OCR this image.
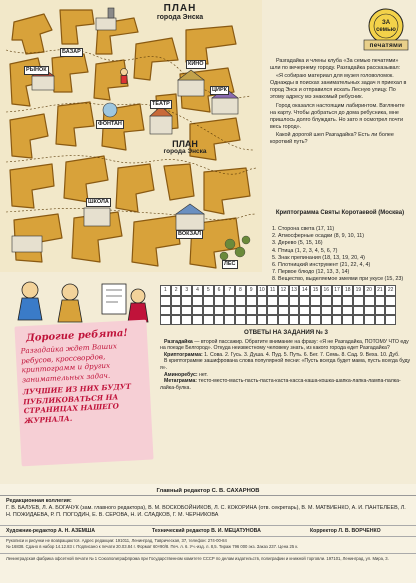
ПЛАН
города Энска
ПЛАН
города Энска
БАЗАР
РЫНОК
КИНО
ЦИРК
ФОНТАН
ТЕАТР
ШКОЛА
ВОКЗАЛ
ЛЕС
ЗА
семью
печатями

Разгадайка и члены клуба «За семью печатями» шли по вечернему городу. Разгадайка рассказывал:

«Я собираю материал для музея головоломок. Однажды в поисках занимательных задач я приехал в город Энск и отправился искать Лесную улицу. По этому адресу мэ знакомый ребусник.

Город оказался настоящим лабиринтом. Взгляните на карту. Чтобы добраться до дома ребусника, мне пришлось долго блуждать. Но зато я осмотрел почти весь город».

Какой дорогой шел Разгадайка? Есть ли более короткий путь?

Криптограмма Святы Коротаевой (Москва)
1. Сторона света (17, 11)
2. Атмосферные осадки (8, 9, 10, 11)
3. Дерево (5, 15, 16)
4. Птица (1, 2, 3, 4, 5, 6, 7)
5. Знак препинания (18, 13, 19, 20, 4)
6. Плотницкий инструмент (21, 22, 4, 4)
7. Первое блюдо (12, 13, 3, 14)
8. Вещество, выделяемое змеями при укусе (15, 23)
1	2	3	4	5	6	7	8	9	10	11	12	13	14	15	16	17	18	19	20	21	22
Дорогие ребята!
Разгадайка ждет Ваших ребусов, кроссвордов, криптограмм и других занимательных задач.
ЛУЧШИЕ ИЗ НИХ БУДУТ ПУБЛИКОВАТЬСЯ НА СТРАНИЦАХ НАШЕГО ЖУРНАЛА.
ОТВЕТЫ НА ЗАДАНИЯ № 3
Разгадайка — второй пассажир. Обратите внимание на фразу: «Я не Разгадайка, ПОТОМУ ЧТО еду на поезде Белгород». Откуда неизвестному человеку знать, из какого города едет Разгадайка?
Криптограмма: 1. Сова. 2. Гусь. 3. Душа. 4. Пуд. 5. Путь. 6. Бег. 7. Семь. 8. Сад. 9. Веха. 10. Дуб.
В криптограмме зашифрована слова популярной песни: «Пусть всегда будет мама, пусть всегда буду я».
Аминоребус: нет.
Метаграмма: тесто-место-масть-пасть-паста-каста-касса-каша-кошка-шапка-лапка-лампа-палка-лайка-булка.
Главный редактор С. В. САХАРНОВ
Редакционная коллегия:
Г. В. БАЛУЕВ, Л. А. БОГАЧУК (зам. главного редактора), В. М. ВОСКОБОЙНИКОВ, Л. С. КОКОРИНА (отв. секретарь), В. М. МАТВИЕНКО, А. И. ПАНТЕЛЕЕВ, Л. Н. ПОЖИДАЕВА, Р. П. ПОГОДИН, Е. В. СЕРОВА, Н. И. СЛАДКОВ, Г. М. ЧЕРНИКОВА
Художник-редактор А. Н. АЗЕМША	Технический редактор В. И. МЕЦАТУНОВА	Корректор Л. В. ВОРЧЕНКО
Рукописи и рисунки не возвращаются. Адрес редакции: 191011, Ленинград, Таврическая, 37, телефон: 274-00-84
№ 16838. Сдано в набор 14.12.83 г. Подписано к печати 20.03.84 г. Формат 60×90/8. Печ. л. 6. Уч.-изд. л. 8,5. Тираж 796 000 экз. Заказ 237. Цена 25 к.
Ленинградская фабрика офсетной печати № 1 Союзполиграфпрома при Государственном комитете СССР по делам издательств, полиграфии и книжной торговли. 197101, Ленинград, ул. Мира, 3.
